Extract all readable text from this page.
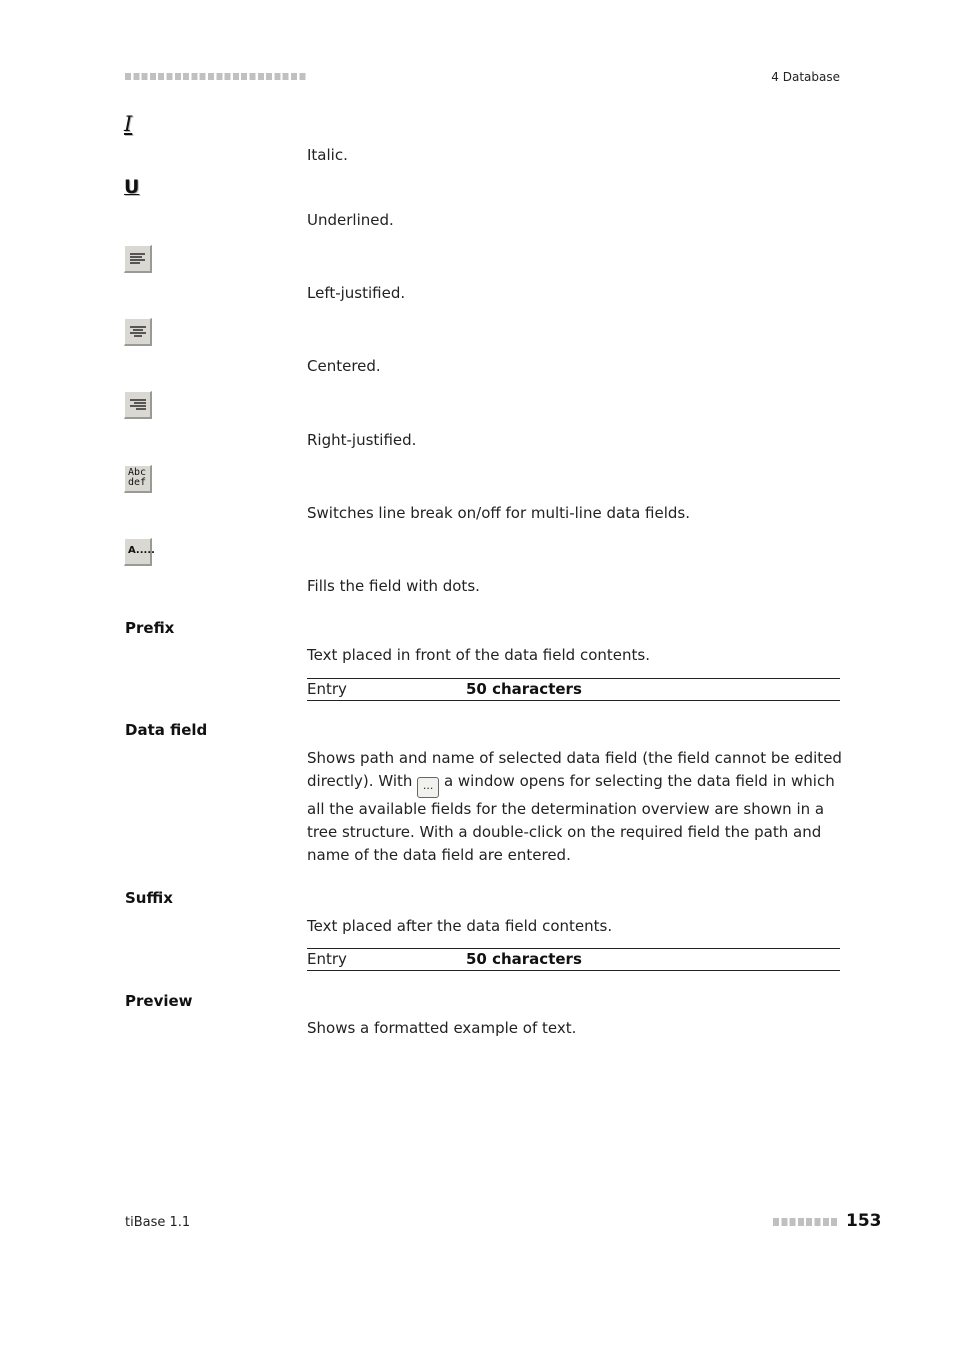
4 Database
I
Italic.
U
Underlined.
Left-justified.
Centered.
Right-justified.
Abc
def
Switches line break on/off for multi-line data fields.
A.....
Fills the field with dots.
Prefix
Text placed in front of the data field contents.
Entry	50 characters
Data field
Shows path and name of selected data field (the field cannot be edited directly). With ... a window opens for selecting the data field in which all the available fields for the determination overview are shown in a tree structure. With a double-click on the required field the path and name of the data field are entered.
Suffix
Text placed after the data field contents.
Entry	50 characters
Preview
Shows a formatted example of text.
tiBase 1.1	153
